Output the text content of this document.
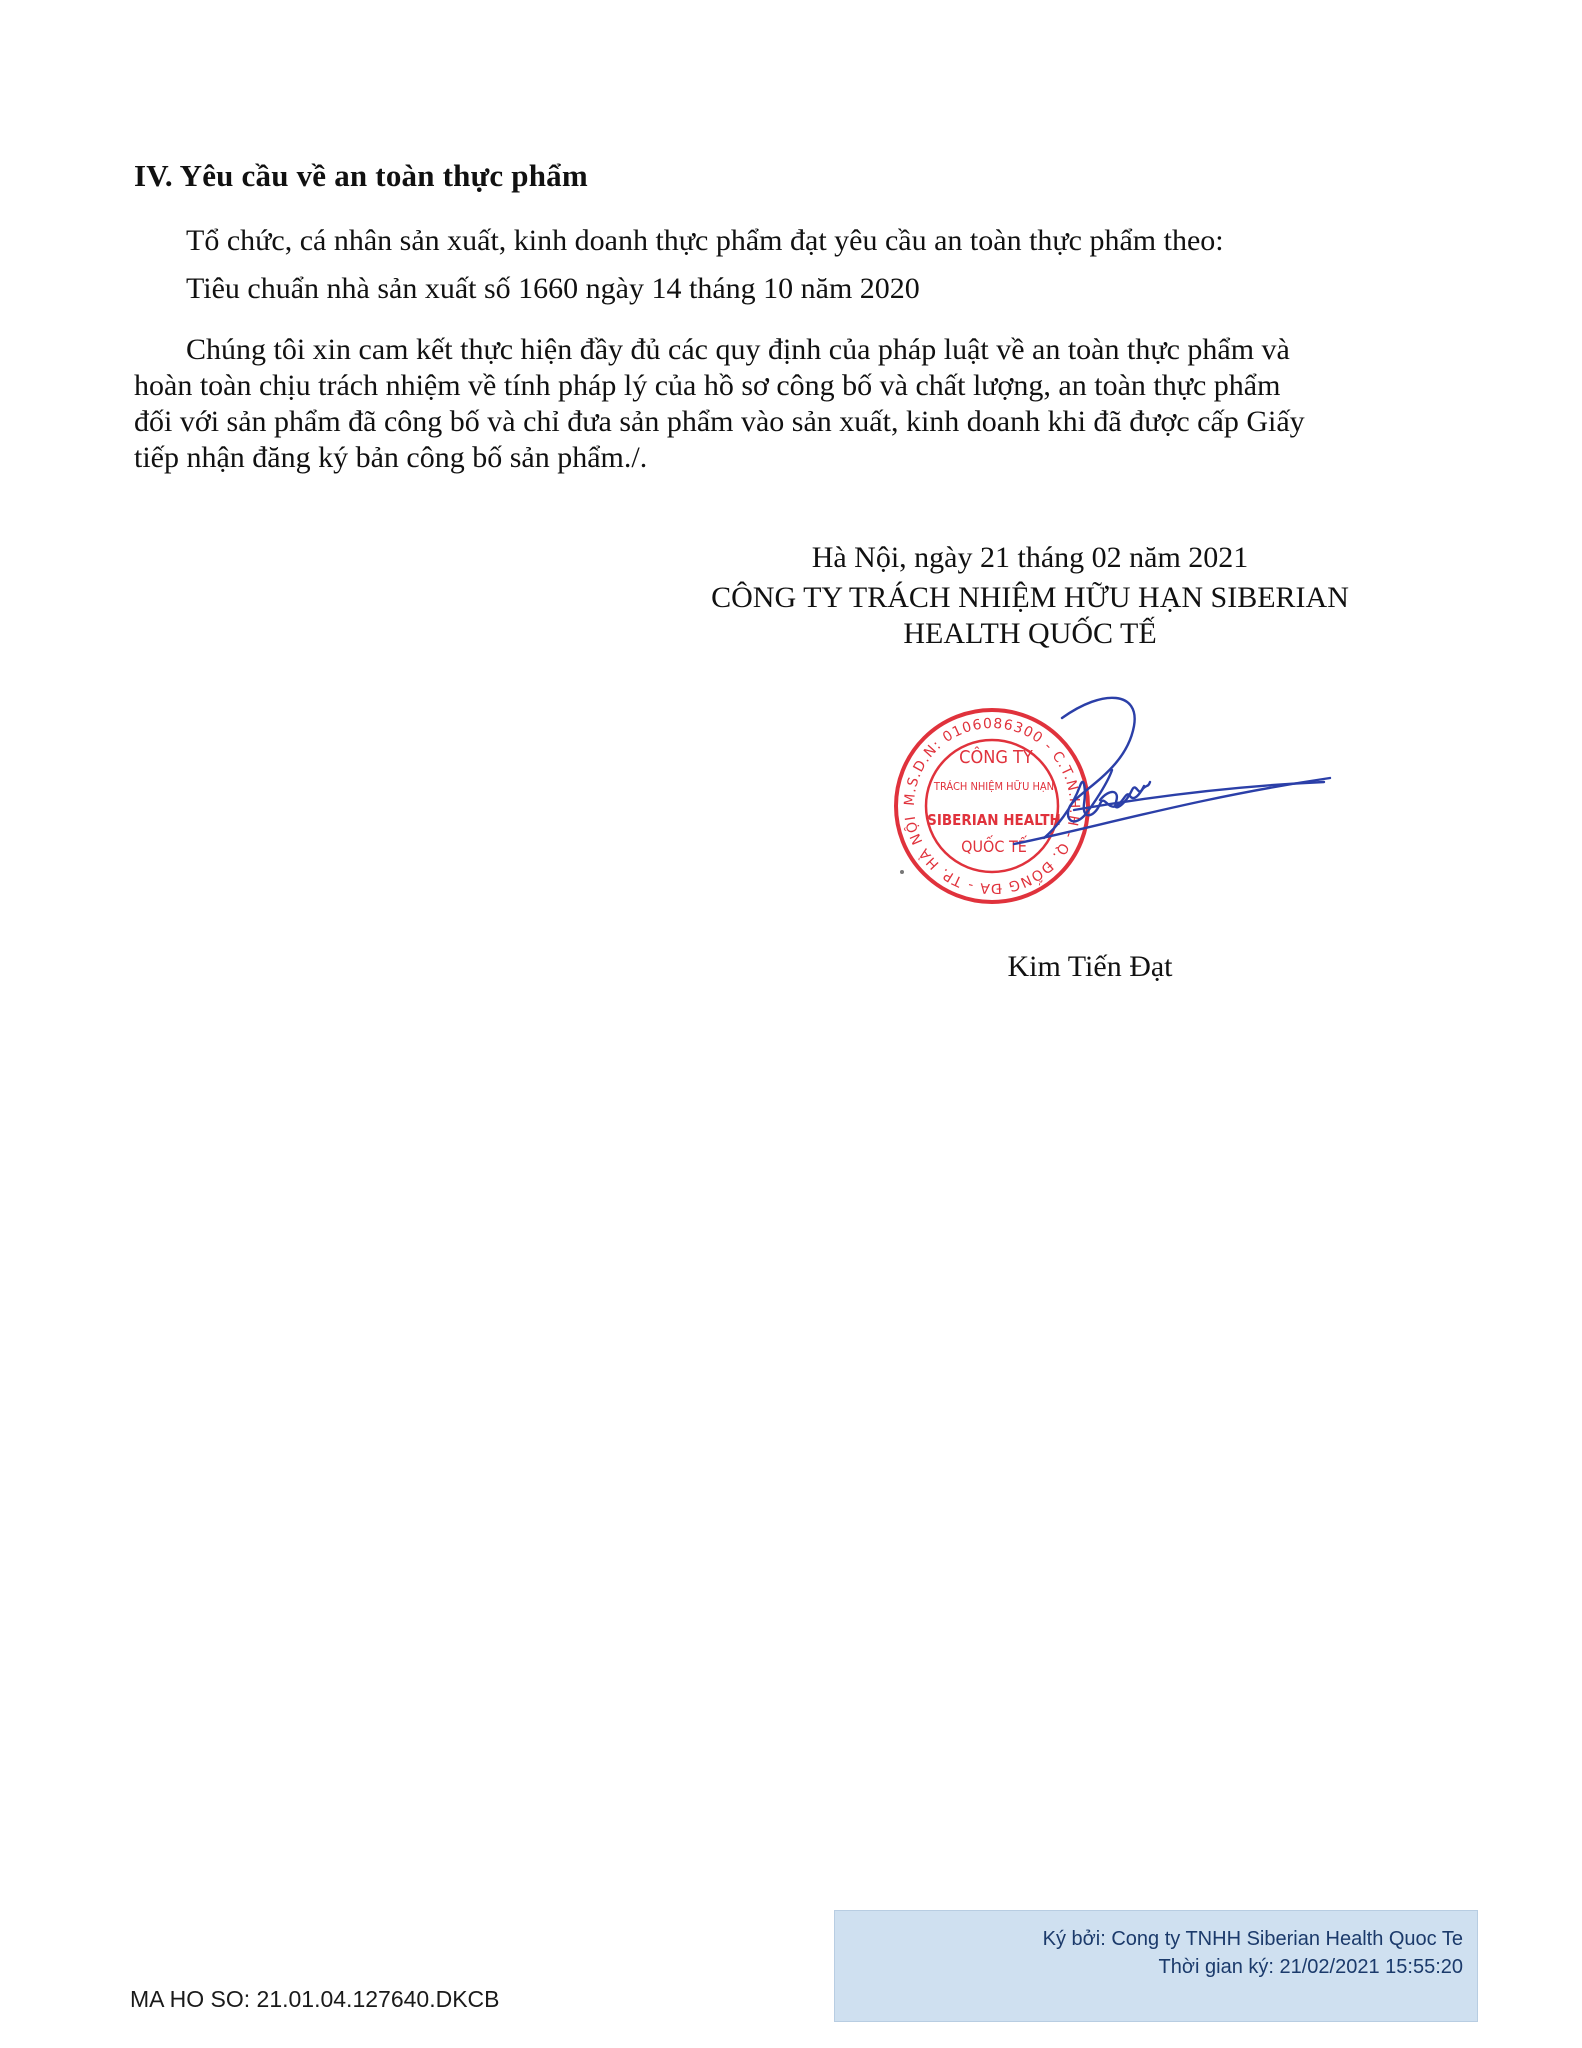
IV. Yêu cầu về an toàn thực phẩm
Tổ chức, cá nhân sản xuất, kinh doanh thực phẩm đạt yêu cầu an toàn thực phẩm theo:
Tiêu chuẩn nhà sản xuất số 1660 ngày 14 tháng 10 năm 2020

Chúng tôi xin cam kết thực hiện đầy đủ các quy định của pháp luật về an toàn thực phẩm và

hoàn toàn chịu trách nhiệm về tính pháp lý của hồ sơ công bố và chất lượng, an toàn thực phẩm

đối với sản phẩm đã công bố và chỉ đưa sản phẩm vào sản xuất, kinh doanh khi đã được cấp Giấy

tiếp nhận đăng ký bản công bố sản phẩm./.

Hà Nội, ngày 21 tháng 02 năm 2021
CÔNG TY TRÁCH NHIỆM HỮU HẠN SIBERIAN
HEALTH QUỐC TẾ
M.S.D.N: 0106086300 - C.T.N.H.H - Q. ĐỐNG ĐA - TP. HÀ NỘI
CÔNG TY
TRÁCH NHIỆM HỮU HẠN
SIBERIAN HEALTH
QUỐC TẾ
Kim Tiến Đạt
MA HO SO: 21.01.04.127640.DKCB
Ký bởi: Cong ty TNHH Siberian Health Quoc Te
Thời gian ký: 21/02/2021 15:55:20
